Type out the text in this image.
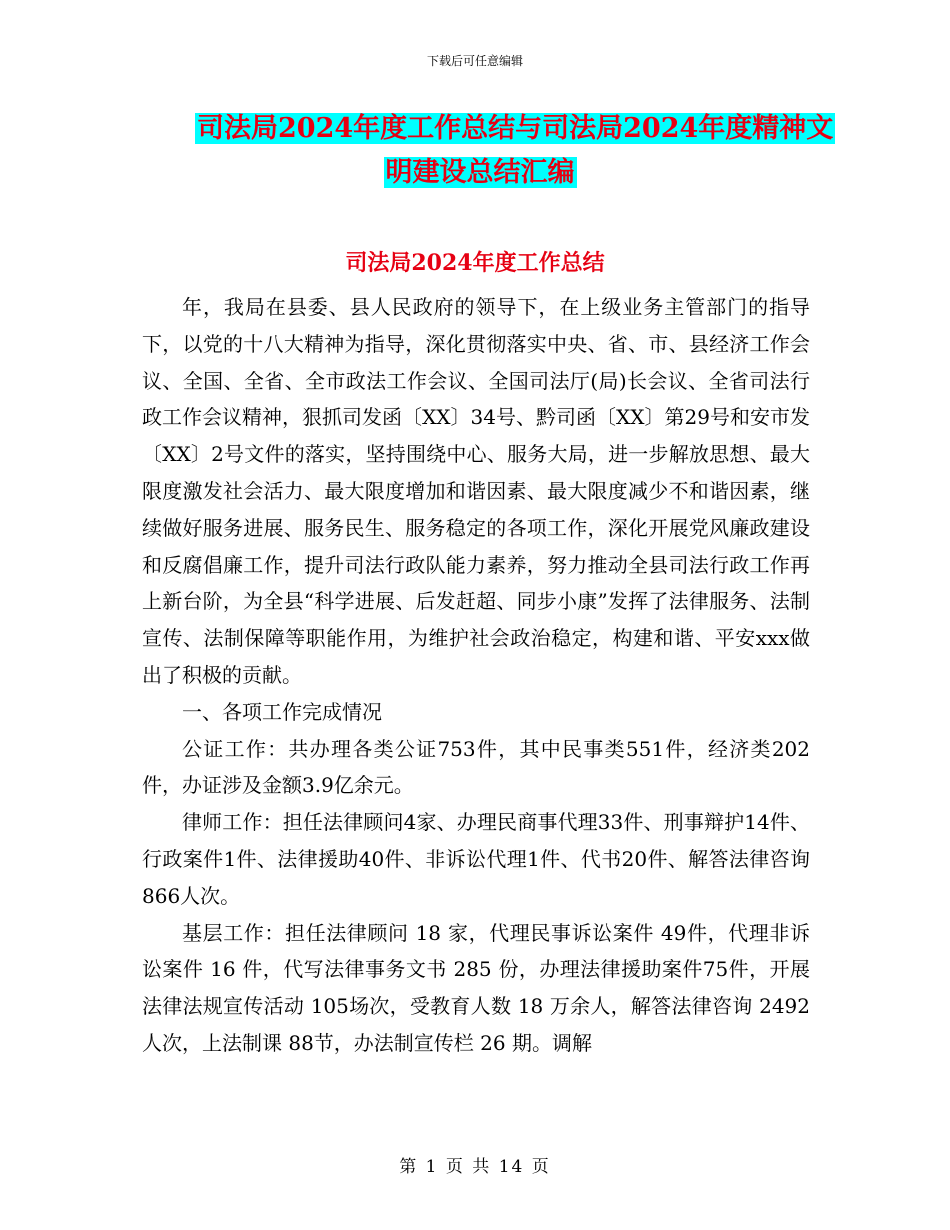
下载后可任意编辑
司法局2024年度工作总结与司法局2024年度精神文
明建设总结汇编
司法局2024年度工作总结

年，我局在县委、县人民政府的领导下，在上级业务主管部门的指导下，以党的十八大精神为指导，深化贯彻落实中央、省、市、县经济工作会议、全国、全省、全市政法工作会议、全国司法厅(局)长会议、全省司法行政工作会议精神，狠抓司发函〔XX〕34号、黔司函〔XX〕第29号和安市发〔XX〕2号文件的落实，坚持围绕中心、服务大局，进一步解放思想、最大限度激发社会活力、最大限度增加和谐因素、最大限度减少不和谐因素，继续做好服务进展、服务民生、服务稳定的各项工作，深化开展党风廉政建设和反腐倡廉工作，提升司法行政队能力素养，努力推动全县司法行政工作再上新台阶，为全县“科学进展、后发赶超、同步小康”发挥了法律服务、法制宣传、法制保障等职能作用，为维护社会政治稳定，构建和谐、平安xxx做出了积极的贡献。

一、各项工作完成情况

公证工作：共办理各类公证753件，其中民事类551件，经济类202件，办证涉及金额3.9亿余元。

律师工作：担任法律顾问4家、办理民商事代理33件、刑事辩护14件、行政案件1件、法律援助40件、非诉讼代理1件、代书20件、解答法律咨询866人次。

基层工作：担任法律顾问 18 家，代理民事诉讼案件 49件，代理非诉讼案件 16 件，代写法律事务文书 285 份，办理法律援助案件75件，开展法律法规宣传活动 105场次，受教育人数 18 万余人，解答法律咨询 2492 人次，上法制课 88节，办法制宣传栏 26 期。调解

第 1 页 共 14 页
